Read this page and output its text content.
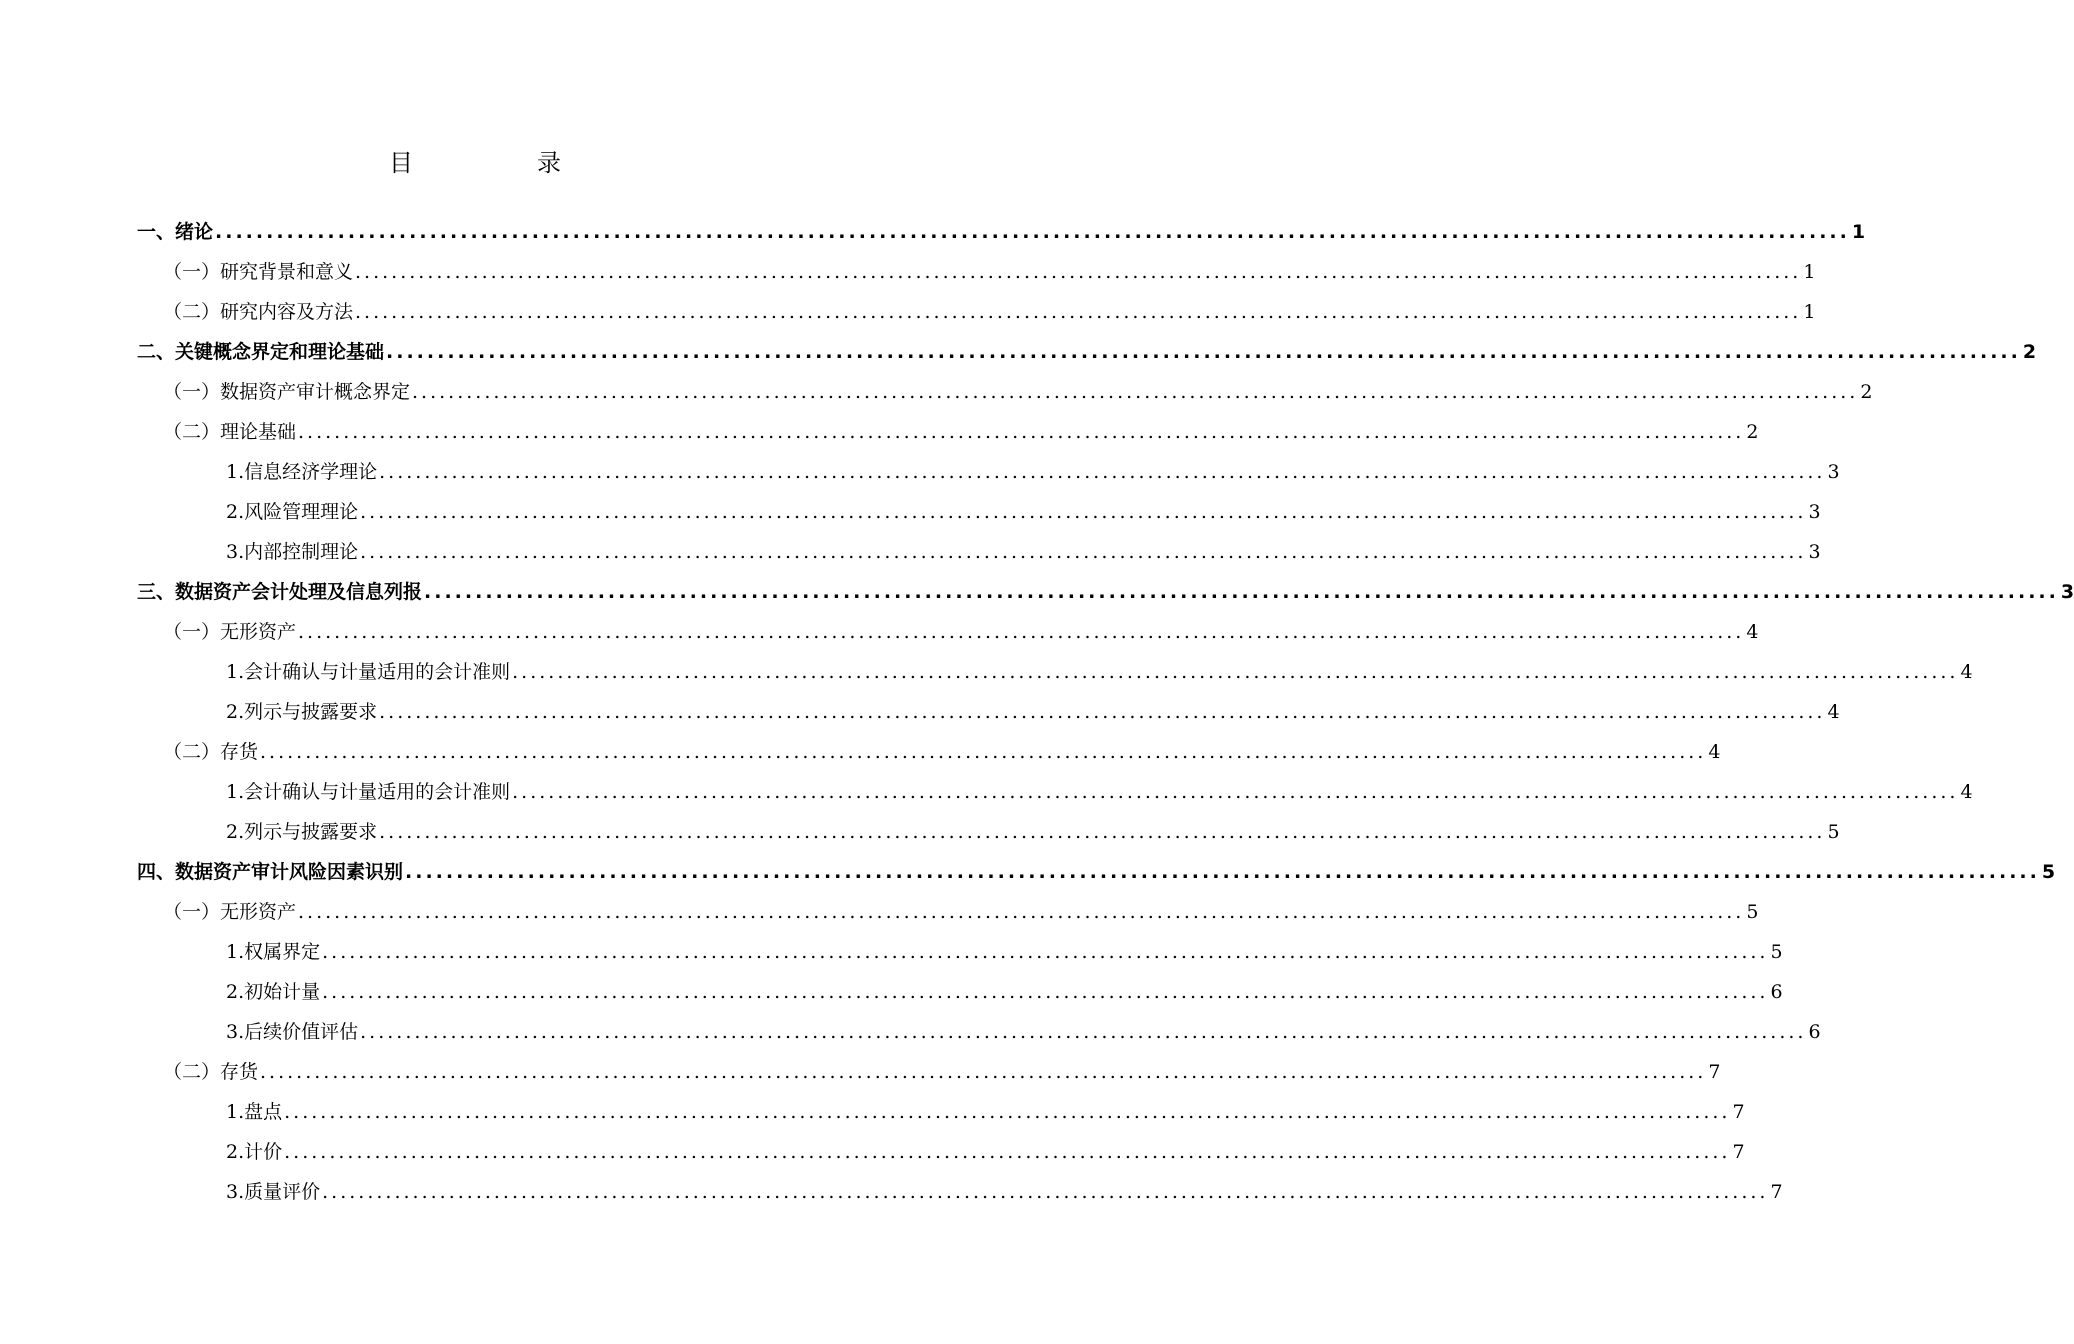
目　录
一、绪论 ................................................................................................................................................................ 1
（一）研究背景和意义 ................................................................................................................................................................ 1
（二）研究内容及方法 ................................................................................................................................................................ 1
二、关键概念界定和理论基础 ................................................................................................................................................................ 2
（一）数据资产审计概念界定 ................................................................................................................................................................ 2
（二）理论基础 ................................................................................................................................................................ 2
1.信息经济学理论 ................................................................................................................................................................ 3
2.风险管理理论 ................................................................................................................................................................ 3
3.内部控制理论 ................................................................................................................................................................ 3
三、数据资产会计处理及信息列报 ................................................................................................................................................................ 3
（一）无形资产 ................................................................................................................................................................ 4
1.会计确认与计量适用的会计准则 ................................................................................................................................................................ 4
2.列示与披露要求 ................................................................................................................................................................ 4
（二）存货 ................................................................................................................................................................ 4
1.会计确认与计量适用的会计准则 ................................................................................................................................................................ 4
2.列示与披露要求 ................................................................................................................................................................ 5
四、数据资产审计风险因素识别 ................................................................................................................................................................ 5
（一）无形资产 ................................................................................................................................................................ 5
1.权属界定 ................................................................................................................................................................ 5
2.初始计量 ................................................................................................................................................................ 6
3.后续价值评估 ................................................................................................................................................................ 6
（二）存货 ................................................................................................................................................................ 7
1.盘点 ................................................................................................................................................................ 7
2.计价 ................................................................................................................................................................ 7
3.质量评价 ................................................................................................................................................................ 7
